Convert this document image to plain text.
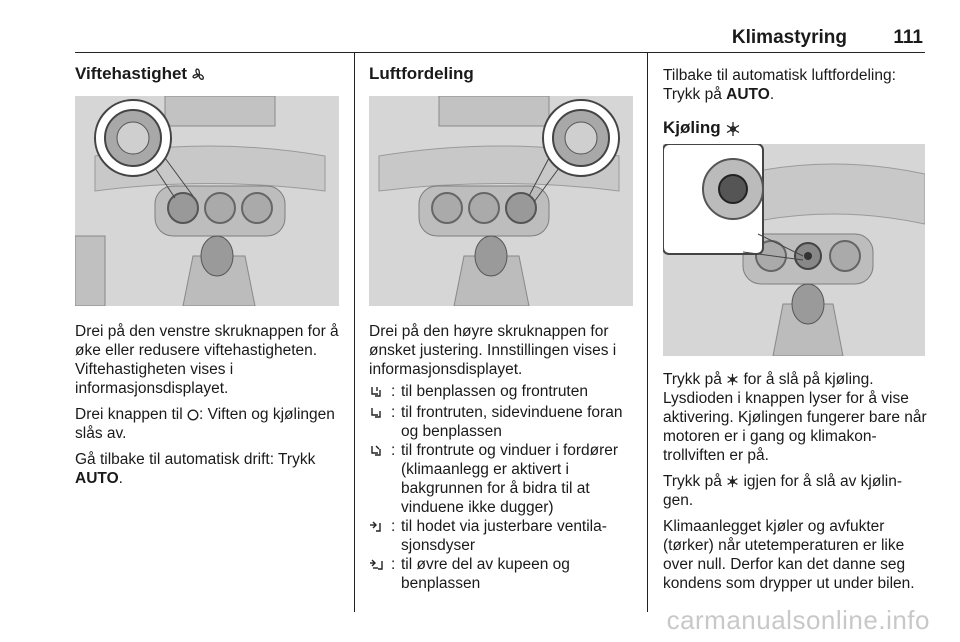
Klimastyring 111
Viftehastighet

Drei på den venstre skruknappen for å øke eller redusere viftehastigheten. Viftehastigheten vises i informasjonsdisplayet.

Drei knappen til : Viften og kjølingen slås av.

Gå tilbake til automatisk drift: Trykk AUTO.

Luftfordeling

Drei på den høyre skruknappen for ønsket justering. Innstillingen vises i informasjonsdisplayet.

: til benplassen og frontruten
: til frontruten, sidevinduene foran og benplassen
: til frontrute og vinduer i fordører (klimaanlegg er aktivert i bakgrunnen for å bidra til at vinduene ikke dugger)
: til hodet via justerbare ventila-sjonsdyser
: til øvre del av kupeen og benplassen

Tilbake til automatisk luftfordeling:
Trykk på AUTO.

Kjøling

Trykk på for å slå på kjøling. Lysdioden i knappen lyser for å vise aktivering. Kjølingen fungerer bare når motoren er i gang og klimakon-trollviften er på.

Trykk på igjen for å slå av kjølin-gen.

Klimaanlegget kjøler og avfukter (tørker) når utetemperaturen er like over null. Derfor kan det danne seg kondens som drypper ut under bilen.

carmanualsonline.info
